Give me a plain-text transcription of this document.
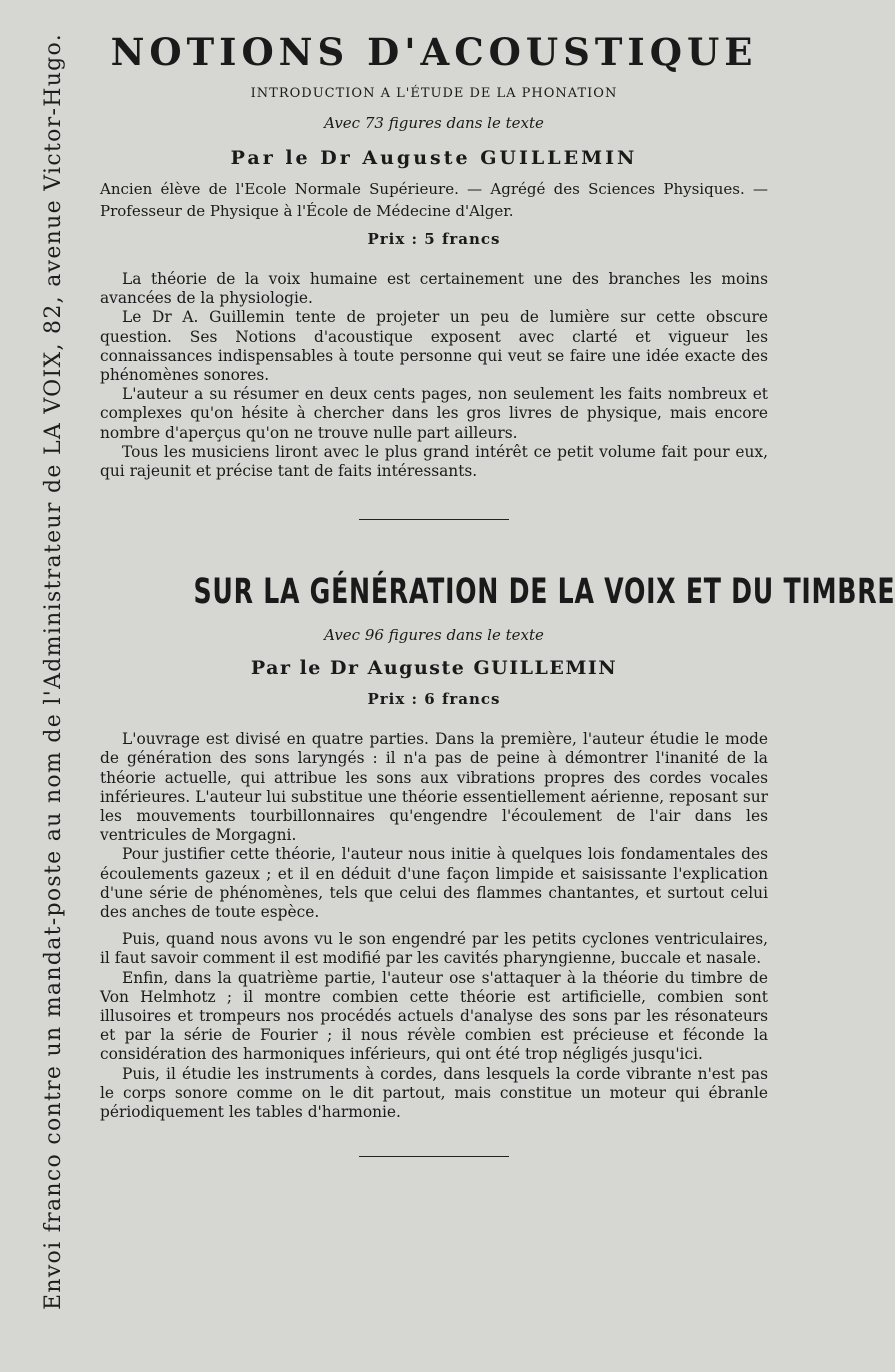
Envoi franco contre un mandat-poste au nom de l'Administrateur de LA VOIX, 82, avenue Victor-Hugo. NOTIONS D'ACOUSTIQUE
INTRODUCTION A L'ÉTUDE DE LA PHONATION
Avec 73 figures dans le texte
Par le Dr Auguste GUILLEMIN
Ancien élève de l'Ecole Normale Supérieure. — Agrégé des Sciences Physiques. — Professeur de Physique à l'École de Médecine d'Alger.
Prix : 5 francs

La théorie de la voix humaine est certainement une des branches les moins avancées de la physiologie.

Le Dr A. Guillemin tente de projeter un peu de lumière sur cette obscure question. Ses Notions d'acoustique exposent avec clarté et vigueur les connaissances indispensables à toute personne qui veut se faire une idée exacte des phénomènes sonores.

L'auteur a su résumer en deux cents pages, non seulement les faits nombreux et complexes qu'on hésite à chercher dans les gros livres de physique, mais encore nombre d'aperçus qu'on ne trouve nulle part ailleurs.

Tous les musiciens liront avec le plus grand intérêt ce petit volume fait pour eux, qui rajeunit et précise tant de faits intéressants.

SUR LA GÉNÉRATION DE LA VOIX ET DU TIMBRE
Avec 96 figures dans le texte
Par le Dr Auguste GUILLEMIN
Prix : 6 francs

L'ouvrage est divisé en quatre parties. Dans la première, l'auteur étudie le mode de génération des sons laryngés : il n'a pas de peine à démontrer l'inanité de la théorie actuelle, qui attribue les sons aux vibrations propres des cordes vocales inférieures. L'auteur lui substitue une théorie essentiellement aérienne, reposant sur les mouvements tourbillonnaires qu'engendre l'écoulement de l'air dans les ventricules de Morgagni.

Pour justifier cette théorie, l'auteur nous initie à quelques lois fondamentales des écoulements gazeux ; et il en déduit d'une façon limpide et saisissante l'explication d'une série de phénomènes, tels que celui des flammes chantantes, et surtout celui des anches de toute espèce.

Puis, quand nous avons vu le son engendré par les petits cyclones ventriculaires, il faut savoir comment il est modifié par les cavités pharyngienne, buccale et nasale.

Enfin, dans la quatrième partie, l'auteur ose s'attaquer à la théorie du timbre de Von Helmhotz ; il montre combien cette théorie est artificielle, combien sont illusoires et trompeurs nos procédés actuels d'analyse des sons par les résonateurs et par la série de Fourier ; il nous révèle combien est précieuse et féconde la considération des harmoniques inférieurs, qui ont été trop négligés jusqu'ici.

Puis, il étudie les instruments à cordes, dans lesquels la corde vibrante n'est pas le corps sonore comme on le dit partout, mais constitue un moteur qui ébranle périodiquement les tables d'harmonie.
